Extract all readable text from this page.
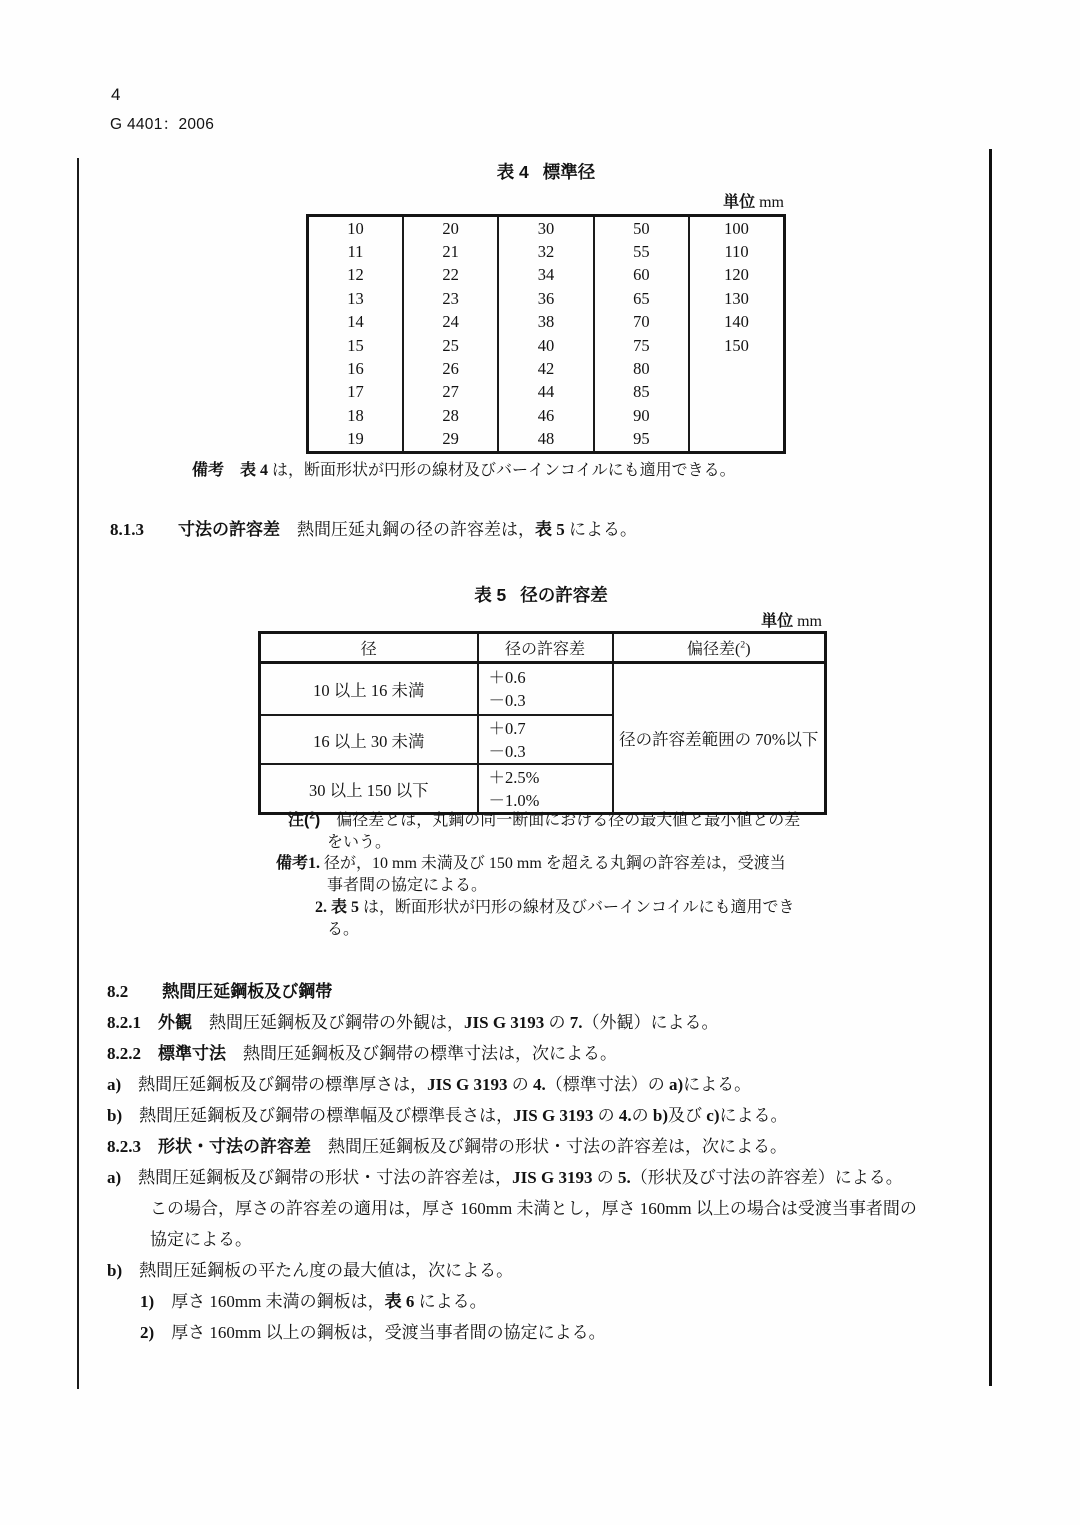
4
G 4401：2006
表 4 標準径
単位 mm
10	20	30	50	100
11	21	32	55	110
12	22	34	60	120
13	23	36	65	130
14	24	38	70	140
15	25	40	75	150
16	26	42	80	
17	27	44	85	
18	28	46	90	
19	29	48	95	
備考　 表 4 は，断面形状が円形の線材及びバーインコイルにも適用できる。
8.1.3　　 寸法の許容差　熱間圧延丸鋼の径の許容差は，表 5 による。
表 5 径の許容差
単位 mm
径	径の許容差	偏径差($^2$)
10 以上 16 未満	＋0.6
－0.3	径の許容差範囲の 70%以下
16 以上 30 未満	＋0.7
－0.3	

30 以上 150 以下	＋2.5%
－1.0%	
注($^2$)　偏径差とは，丸鋼の同一断面における径の最大値と最小値との差
をいう。
備考1. 径が，10 mm 未満及び 150 mm を超える丸鋼の許容差は，受渡当
事者間の協定による。
2. 表 5 は，断面形状が円形の線材及びバーインコイルにも適用でき
る。
8.2　　 熱間圧延鋼板及び鋼帯
8.2.1　 外観　熱間圧延鋼板及び鋼帯の外観は，JIS G 3193 の 7.（外観）による。
8.2.2　 標準寸法　熱間圧延鋼板及び鋼帯の標準寸法は，次による。
a)　熱間圧延鋼板及び鋼帯の標準厚さは，JIS G 3193 の 4.（標準寸法）の a)による。
b)　熱間圧延鋼板及び鋼帯の標準幅及び標準長さは，JIS G 3193 の 4.の b)及び c)による。
8.2.3　 形状・寸法の許容差　熱間圧延鋼板及び鋼帯の形状・寸法の許容差は，次による。
a)　熱間圧延鋼板及び鋼帯の形状・寸法の許容差は，JIS G 3193 の 5.（形状及び寸法の許容差）による。
この場合，厚さの許容差の適用は，厚さ 160mm 未満とし，厚さ 160mm 以上の場合は受渡当事者間の
協定による。
b)　熱間圧延鋼板の平たん度の最大値は，次による。
1)　厚さ 160mm 未満の鋼板は，表 6 による。
2)　厚さ 160mm 以上の鋼板は，受渡当事者間の協定による。
